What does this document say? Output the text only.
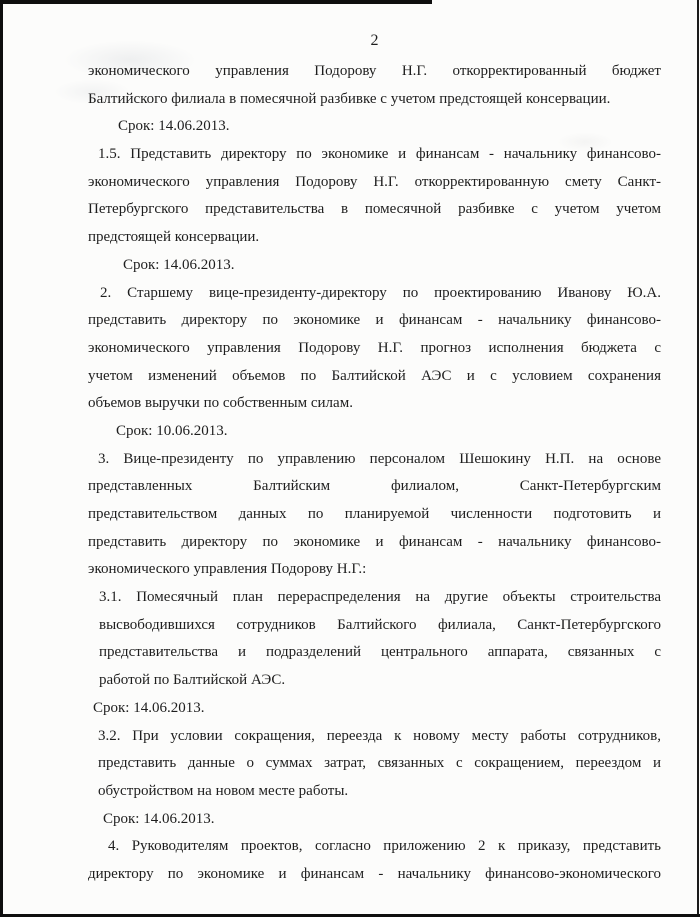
2

экономического управления Подорову Н.Г. откорректированный бюджет
Балтийского филиала в помесячной разбивке с учетом предстоящей консервации.

Срок: 14.06.2013.

1.5. Представить директору по экономике и финансам - начальнику финансово-
экономического управления Подорову Н.Г. откорректированную смету Санкт-
Петербургского представительства в помесячной разбивке с учетом учетом
предстоящей консервации.

Срок: 14.06.2013.

2. Старшему вице-президенту-директору по проектированию Иванову Ю.А.
представить директору по экономике и финансам - начальнику финансово-
экономического управления Подорову Н.Г. прогноз исполнения бюджета с
учетом изменений объемов по Балтийской АЭС и с условием сохранения
объемов выручки по собственным силам.

Срок: 10.06.2013.

3. Вице-президенту по управлению персоналом Шешокину Н.П. на основе
представленных Балтийским филиалом, Санкт-Петербургским
представительством данных по планируемой численности подготовить и
представить директору по экономике и финансам - начальнику финансово-
экономического управления Подорову Н.Г.:

3.1. Помесячный план перераспределения на другие объекты строительства
высвободившихся сотрудников Балтийского филиала, Санкт-Петербургского
представительства и подразделений центрального аппарата, связанных с
работой по Балтийской АЭС.

Срок: 14.06.2013.

3.2. При условии сокращения, переезда к новому месту работы сотрудников,
представить данные о суммах затрат, связанных с сокращением, переездом и
обустройством на новом месте работы.

Срок: 14.06.2013.

4. Руководителям проектов, согласно приложению 2 к приказу, представить
директору по экономике и финансам - начальнику финансово-экономического
